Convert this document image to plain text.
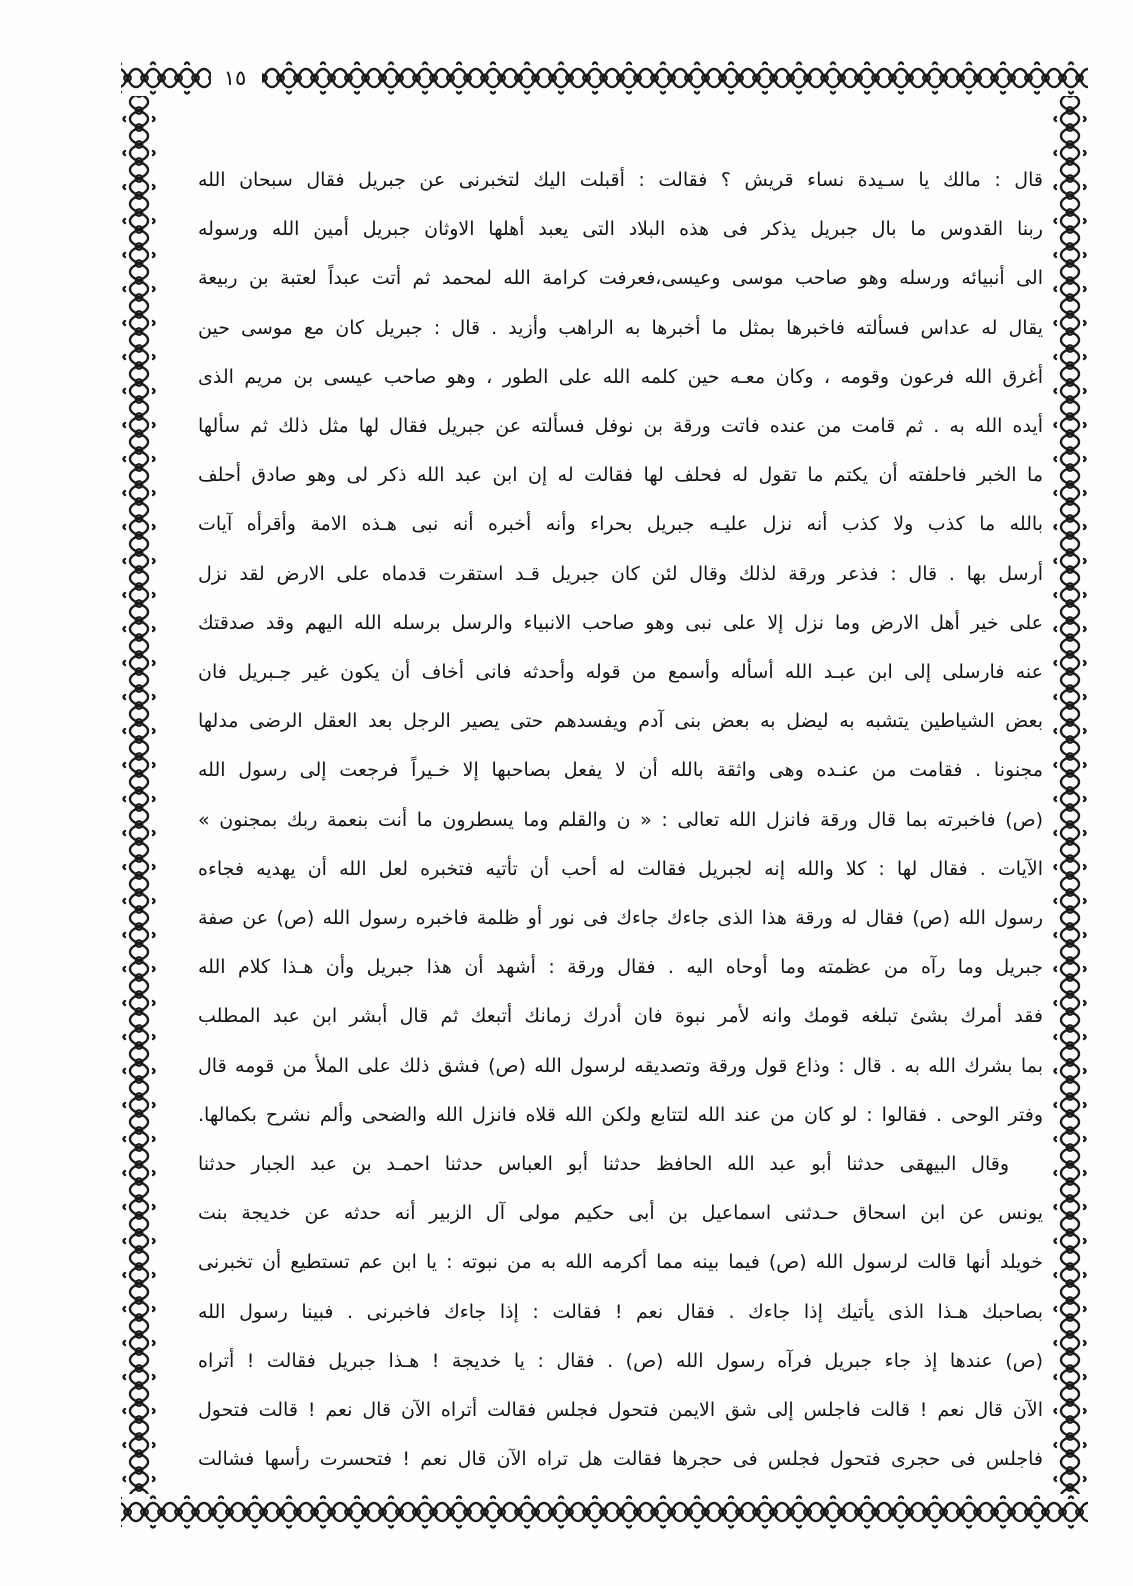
١٥
قال : مالك يا سـيدة نساء قريش ؟ فقالت : أقبلت اليك لتخبرنى عن جبريل فقال سبحان الله
ربنا القدوس ما بال جبريل يذكر فى هذه البلاد التى يعبد أهلها الاوثان جبريل أمين الله ورسوله
الى أنبيائه ورسله وهو صاحب موسى وعيسى،فعرفت كرامة الله لمحمد ثم أتت عبداً لعتبة بن ربيعة
يقال له عداس فسألته فاخبرها بمثل ما أخبرها به الراهب وأزيد . قال : جبريل كان مع موسى حين
أغرق الله فرعون وقومه ، وكان معـه حين كلمه الله على الطور ، وهو صاحب عيسى بن مريم الذى
أيده الله به . ثم قامت من عنده فاتت ورقة بن نوفل فسألته عن جبريل فقال لها مثل ذلك ثم سألها
ما الخبر فاحلفته أن يكتم ما تقول له فحلف لها فقالت له إن ابن عبد الله ذكر لى وهو صادق أحلف
بالله ما كذب ولا كذب أنه نزل عليـه جبريل بحراء وأنه أخبره أنه نبى هـذه الامة وأقرأه آيات
أرسل بها . قال : فذعر ورقة لذلك وقال لئن كان جبريل قـد استقرت قدماه على الارض لقد نزل
على خير أهل الارض وما نزل إلا على نبى وهو صاحب الانبياء والرسل برسله الله اليهم وقد صدقتك
عنه فارسلى إلى ابن عبـد الله أسأله وأسمع من قوله وأحدثه فانى أخاف أن يكون غير جـبريل فان
بعض الشياطين يتشبه به ليضل به بعض بنى آدم ويفسدهم حتى يصير الرجل بعد العقل الرضى مدلها
مجنونا . فقامت من عنـده وهى واثقة بالله أن لا يفعل بصاحبها إلا خـيراً فرجعت إلى رسول الله
(ص) فاخبرته بما قال ورقة فانزل الله تعالى : « ن والقلم وما يسطرون ما أنت بنعمة ربك بمجنون »
الآيات . فقال لها : كلا والله إنه لجبريل فقالت له أحب أن تأتيه فتخبره لعل الله أن يهديه فجاءه
رسول الله (ص) فقال له ورقة هذا الذى جاءك جاءك فى نور أو ظلمة فاخبره رسول الله (ص) عن صفة
جبريل وما رآه من عظمته وما أوحاه اليه . فقال ورقة : أشهد أن هذا جبريل وأن هـذا كلام الله
فقد أمرك بشئ تبلغه قومك وانه لأمر نبوة فان أدرك زمانك أتبعك ثم قال أبشر ابن عبد المطلب
بما بشرك الله به . قال : وذاع قول ورقة وتصديقه لرسول الله (ص) فشق ذلك على الملأ من قومه قال
وفتر الوحى . فقالوا : لو كان من عند الله لتتابع ولكن الله قلاه فانزل الله والضحى وألم نشرح بكمالها.
وقال البيهقى حدثنا أبو عبد الله الحافظ حدثنا أبو العباس حدثنا احمـد بن عبد الجبار حدثنا
يونس عن ابن اسحاق حـدثنى اسماعيل بن أبى حكيم مولى آل الزبير أنه حدثه عن خديجة بنت
خويلد أنها قالت لرسول الله (ص) فيما بينه مما أكرمه الله به من نبوته : يا ابن عم تستطيع أن تخبرنى
بصاحبك هـذا الذى يأتيك إذا جاءك . فقال نعم ! فقالت : إذا جاءك فاخبرنى . فبينا رسول الله
(ص) عندها إذ جاء جبريل فرآه رسول الله (ص) . فقال : يا خديجة ! هـذا جبريل فقالت ! أتراه
الآن قال نعم ! قالت فاجلس إلى شق الايمن فتحول فجلس فقالت أتراه الآن قال نعم ! قالت فتحول
فاجلس فى حجرى فتحول فجلس فى حجرها فقالت هل تراه الآن قال نعم ! فتحسرت رأسها فشالت
